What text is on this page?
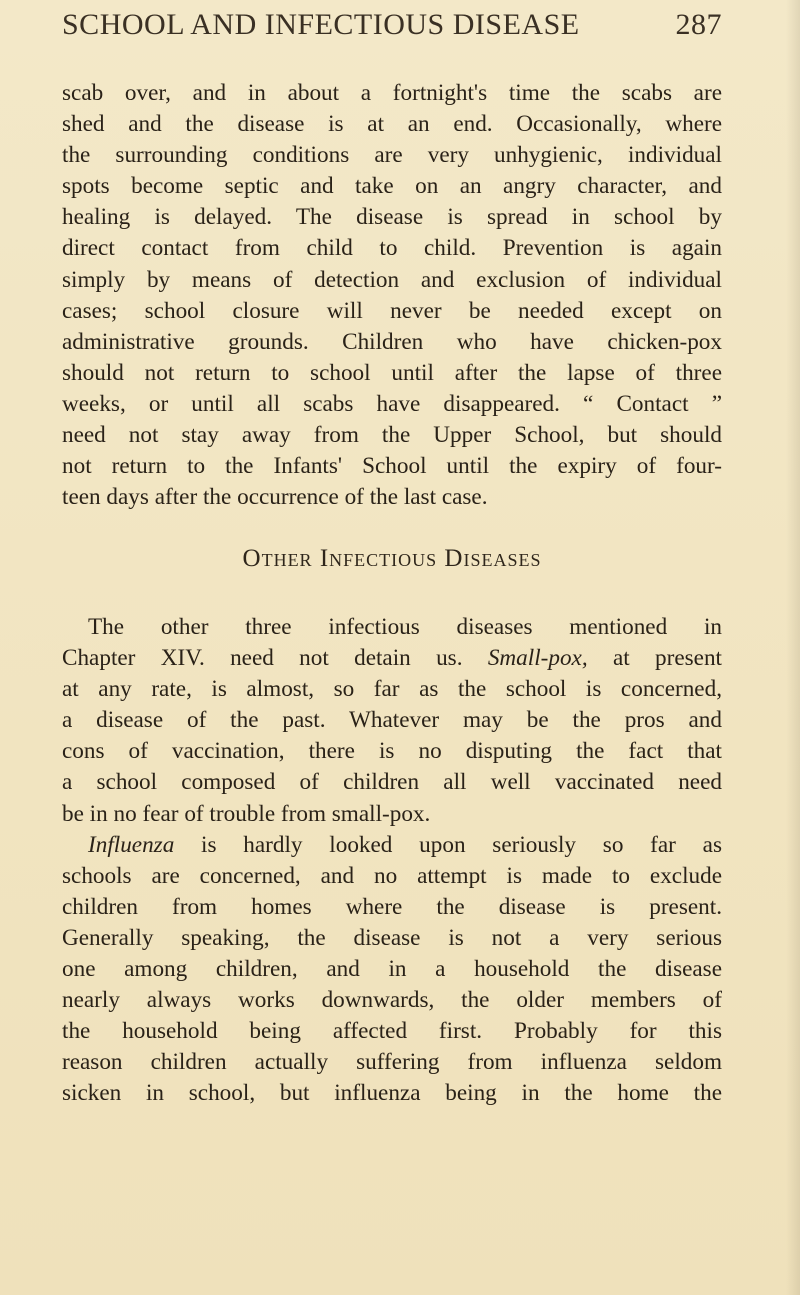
SCHOOL AND INFECTIOUS DISEASE	287
scab over, and in about a fortnight's time the scabs are
shed and the disease is at an end. Occasionally, where
the surrounding conditions are very unhygienic, individual
spots become septic and take on an angry character, and
healing is delayed. The disease is spread in school by
direct contact from child to child. Prevention is again
simply by means of detection and exclusion of individual
cases; school closure will never be needed except on
administrative grounds. Children who have chicken-pox
should not return to school until after the lapse of three
weeks, or until all scabs have disappeared. “ Contact ”
need not stay away from the Upper School, but should
not return to the Infants' School until the expiry of four-
teen days after the occurrence of the last case.
Other Infectious Diseases
The other three infectious diseases mentioned in
Chapter XIV. need not detain us. Small-pox, at present
at any rate, is almost, so far as the school is concerned,
a disease of the past. Whatever may be the pros and
cons of vaccination, there is no disputing the fact that
a school composed of children all well vaccinated need
be in no fear of trouble from small-pox.
Influenza is hardly looked upon seriously so far as
schools are concerned, and no attempt is made to exclude
children from homes where the disease is present.
Generally speaking, the disease is not a very serious
one among children, and in a household the disease
nearly always works downwards, the older members of
the household being affected first. Probably for this
reason children actually suffering from influenza seldom
sicken in school, but influenza being in the home the
